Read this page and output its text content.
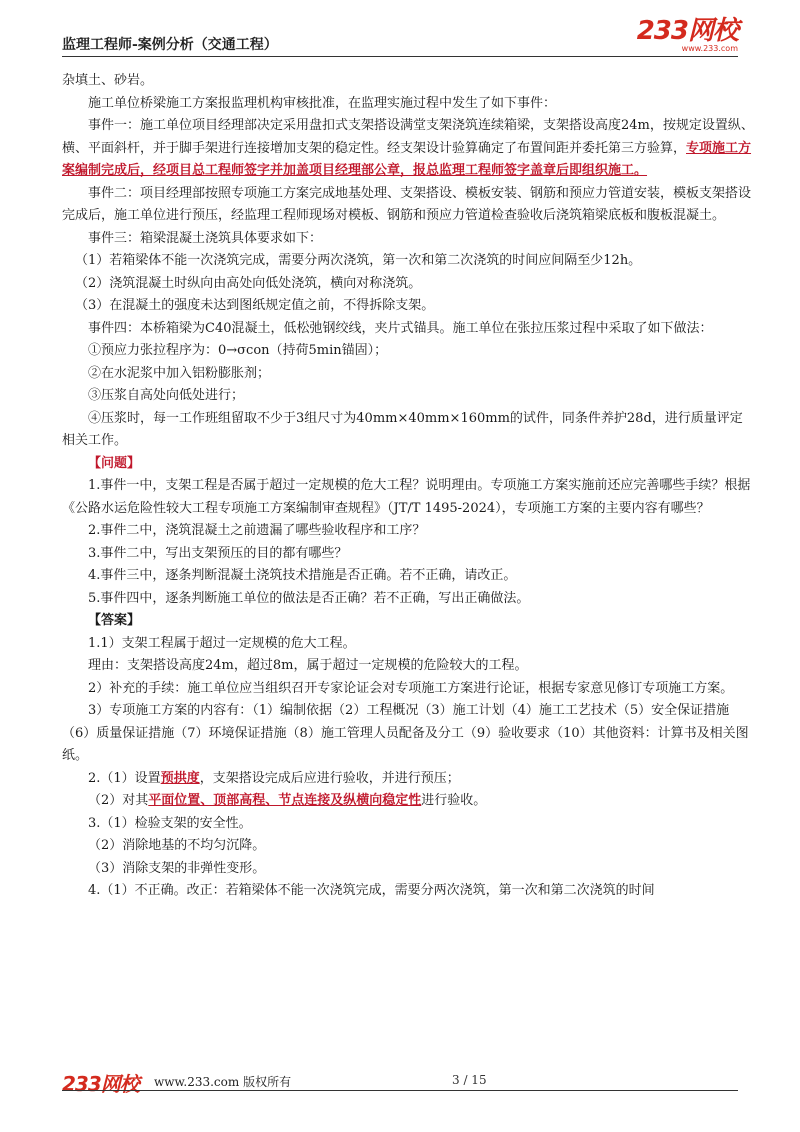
监理工程师-案例分析（交通工程）	233网校
www.233.com

杂填土、砂岩。

施工单位桥梁施工方案报监理机构审核批准，在监理实施过程中发生了如下事件：

事件一：施工单位项目经理部决定采用盘扣式支架搭设满堂支架浇筑连续箱梁，支架搭设高度24m，按规定设置纵、横、平面斜杆，并于脚手架进行连接增加支架的稳定性。经支架设计验算确定了布置间距并委托第三方验算，专项施工方案编制完成后，经项目总工程师签字并加盖项目经理部公章，报总监理工程师签字盖章后即组织施工。

事件二：项目经理部按照专项施工方案完成地基处理、支架搭设、模板安装、钢筋和预应力管道安装，模板支架搭设完成后，施工单位进行预压，经监理工程师现场对模板、钢筋和预应力管道检查验收后浇筑箱梁底板和腹板混凝土。

事件三：箱梁混凝土浇筑具体要求如下：

（1）若箱梁体不能一次浇筑完成，需要分两次浇筑，第一次和第二次浇筑的时间应间隔至少12h。

（2）浇筑混凝土时纵向由高处向低处浇筑，横向对称浇筑。

（3）在混凝土的强度未达到图纸规定值之前，不得拆除支架。

事件四：本桥箱梁为C40混凝土，低松弛钢绞线，夹片式锚具。施工单位在张拉压浆过程中采取了如下做法：

①预应力张拉程序为：0→σcon（持荷5min锚固）；

②在水泥浆中加入铝粉膨胀剂；

③压浆自高处向低处进行；

④压浆时，每一工作班组留取不少于3组尺寸为40mm×40mm×160mm的试件，同条件养护28d，进行质量评定相关工作。

【问题】

1.事件一中，支架工程是否属于超过一定规模的危大工程？说明理由。专项施工方案实施前还应完善哪些手续？根据《公路水运危险性较大工程专项施工方案编制审查规程》（JT/T 1495-2024），专项施工方案的主要内容有哪些？

2.事件二中，浇筑混凝土之前遗漏了哪些验收程序和工序？

3.事件二中，写出支架预压的目的都有哪些？

4.事件三中，逐条判断混凝土浇筑技术措施是否正确。若不正确，请改正。

5.事件四中，逐条判断施工单位的做法是否正确？若不正确，写出正确做法。

【答案】

1.1）支架工程属于超过一定规模的危大工程。

理由：支架搭设高度24m，超过8m，属于超过一定规模的危险较大的工程。

2）补充的手续：施工单位应当组织召开专家论证会对专项施工方案进行论证，根据专家意见修订专项施工方案。

3）专项施工方案的内容有：（1）编制依据（2）工程概况（3）施工计划（4）施工工艺技术（5）安全保证措施（6）质量保证措施（7）环境保证措施（8）施工管理人员配备及分工（9）验收要求（10）其他资料：计算书及相关图纸。

2.（1）设置预拱度，支架搭设完成后应进行验收，并进行预压；

（2）对其平面位置、顶部高程、节点连接及纵横向稳定性进行验收。

3.（1）检验支架的安全性。

（2）消除地基的不均匀沉降。

（3）消除支架的非弹性变形。

4.（1）不正确。改正：若箱梁体不能一次浇筑完成，需要分两次浇筑，第一次和第二次浇筑的时间

233网校 www.233.com 版权所有	3 / 15
